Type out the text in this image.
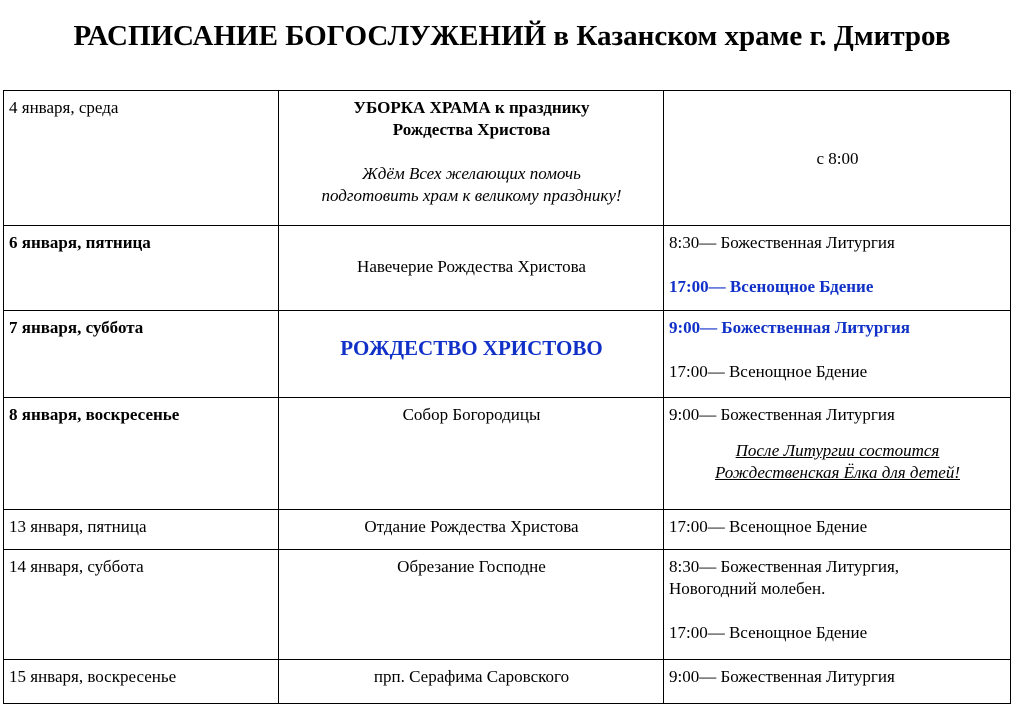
РАСПИСАНИЕ БОГОСЛУЖЕНИЙ в Казанском храме г. Дмитров
4 января, среда	УБОРКА ХРАМА к празднику
Рождества Христова
Ждём Всех желающих помочь
подготовить храм к великому празднику!	с 8:00
6 января, пятница	Навечерие Рождества Христова	8:30— Божественная Литургия
17:00— Всенощное Бдение

7 января, суббота	РОЖДЕСТВО ХРИСТОВО	9:00— Божественная Литургия
17:00— Всенощное Бдение

8 января, воскресенье	Собор Богородицы	9:00— Божественная Литургия
После Литургии состоится
Рождественская Ёлка для детей!

13 января, пятница	Отдание Рождества Христова	17:00— Всенощное Бдение

14 января, суббота	Обрезание Господне	8:30— Божественная Литургия,
Новогодний молебен.
17:00— Всенощное Бдение

15 января, воскресенье	прп. Серафима Саровского	9:00— Божественная Литургия
